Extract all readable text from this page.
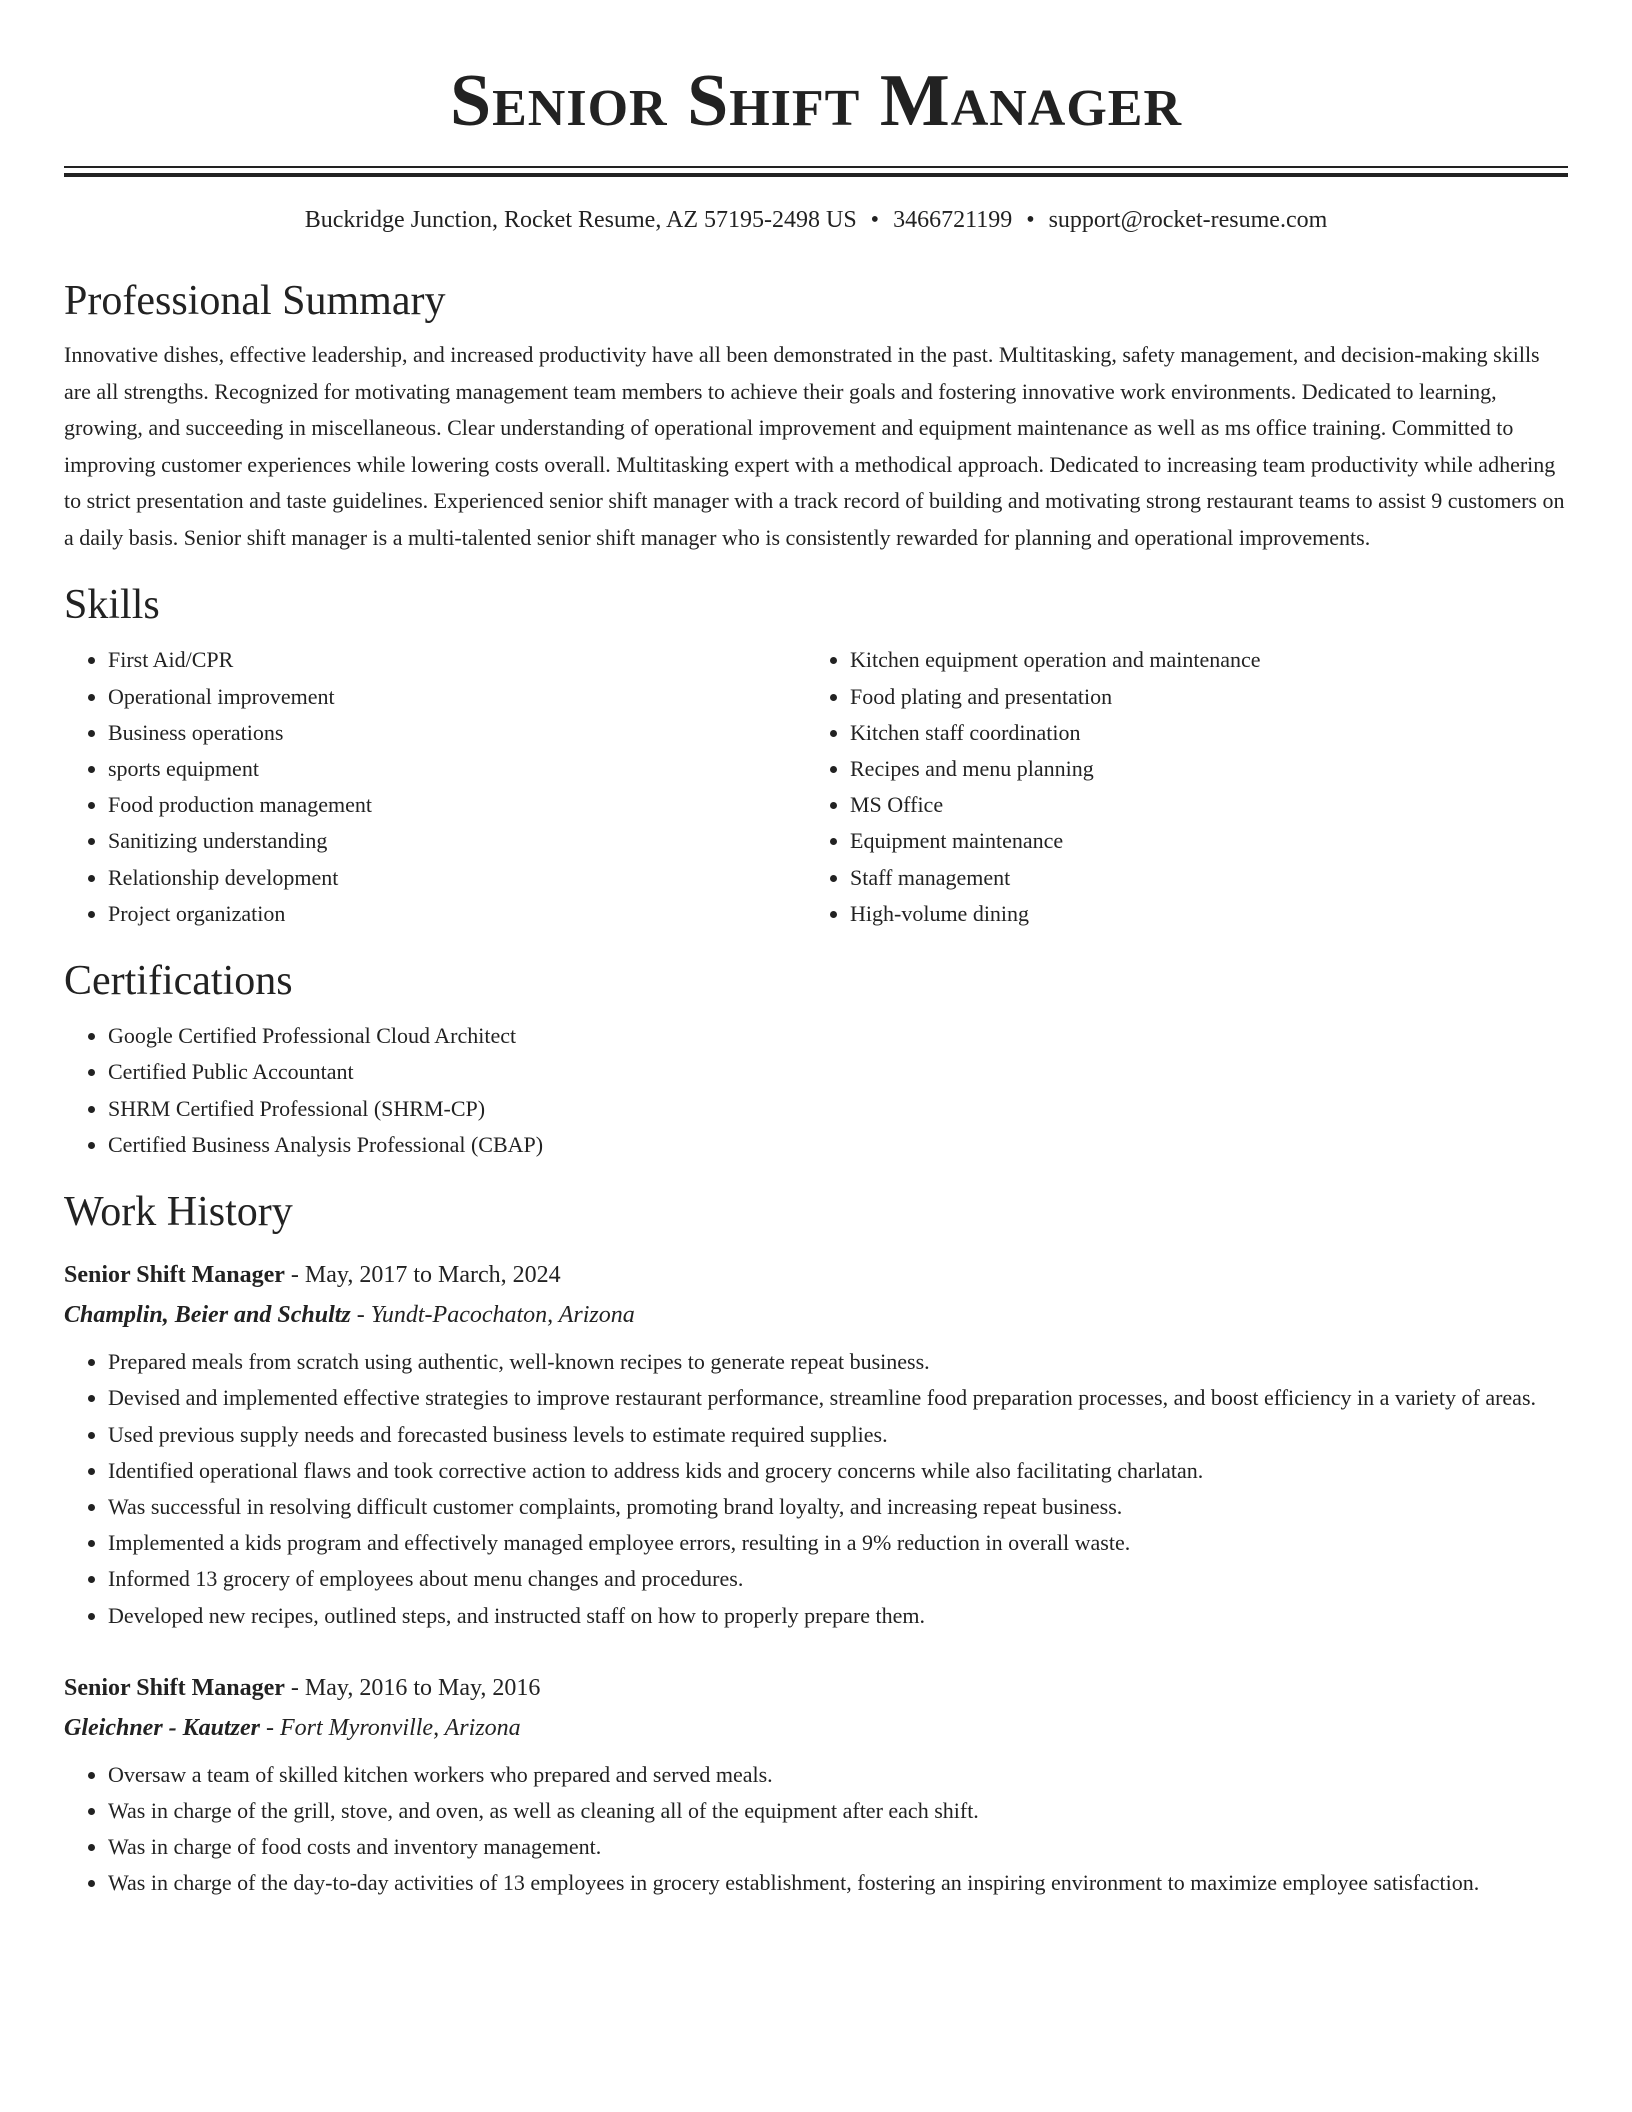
Senior Shift Manager
Buckridge Junction, Rocket Resume, AZ 57195-2498 US • 3466721199 • support@rocket-resume.com
Professional Summary
Innovative dishes, effective leadership, and increased productivity have all been demonstrated in the past. Multitasking, safety management, and decision-making skills are all strengths. Recognized for motivating management team members to achieve their goals and fostering innovative work environments. Dedicated to learning, growing, and succeeding in miscellaneous. Clear understanding of operational improvement and equipment maintenance as well as ms office training. Committed to improving customer experiences while lowering costs overall. Multitasking expert with a methodical approach. Dedicated to increasing team productivity while adhering to strict presentation and taste guidelines. Experienced senior shift manager with a track record of building and motivating strong restaurant teams to assist 9 customers on a daily basis. Senior shift manager is a multi-talented senior shift manager who is consistently rewarded for planning and operational improvements.
Skills
• First Aid/CPR
• Operational improvement
• Business operations
• sports equipment
• Food production management
• Sanitizing understanding
• Relationship development
• Project organization
• Kitchen equipment operation and maintenance
• Food plating and presentation
• Kitchen staff coordination
• Recipes and menu planning
• MS Office
• Equipment maintenance
• Staff management
• High-volume dining
Certifications
• Google Certified Professional Cloud Architect
• Certified Public Accountant
• SHRM Certified Professional (SHRM-CP)
• Certified Business Analysis Professional (CBAP)
Work History
Senior Shift Manager - May, 2017 to March, 2024
Champlin, Beier and Schultz - Yundt-Pacochaton, Arizona
• Prepared meals from scratch using authentic, well-known recipes to generate repeat business.
• Devised and implemented effective strategies to improve restaurant performance, streamline food preparation processes, and boost efficiency in a variety of areas.
• Used previous supply needs and forecasted business levels to estimate required supplies.
• Identified operational flaws and took corrective action to address kids and grocery concerns while also facilitating charlatan.
• Was successful in resolving difficult customer complaints, promoting brand loyalty, and increasing repeat business.
• Implemented a kids program and effectively managed employee errors, resulting in a 9% reduction in overall waste.
• Informed 13 grocery of employees about menu changes and procedures.
• Developed new recipes, outlined steps, and instructed staff on how to properly prepare them.
Senior Shift Manager - May, 2016 to May, 2016
Gleichner - Kautzer - Fort Myronville, Arizona
• Oversaw a team of skilled kitchen workers who prepared and served meals.
• Was in charge of the grill, stove, and oven, as well as cleaning all of the equipment after each shift.
• Was in charge of food costs and inventory management.
• Was in charge of the day-to-day activities of 13 employees in grocery establishment, fostering an inspiring environment to maximize employee satisfaction.
